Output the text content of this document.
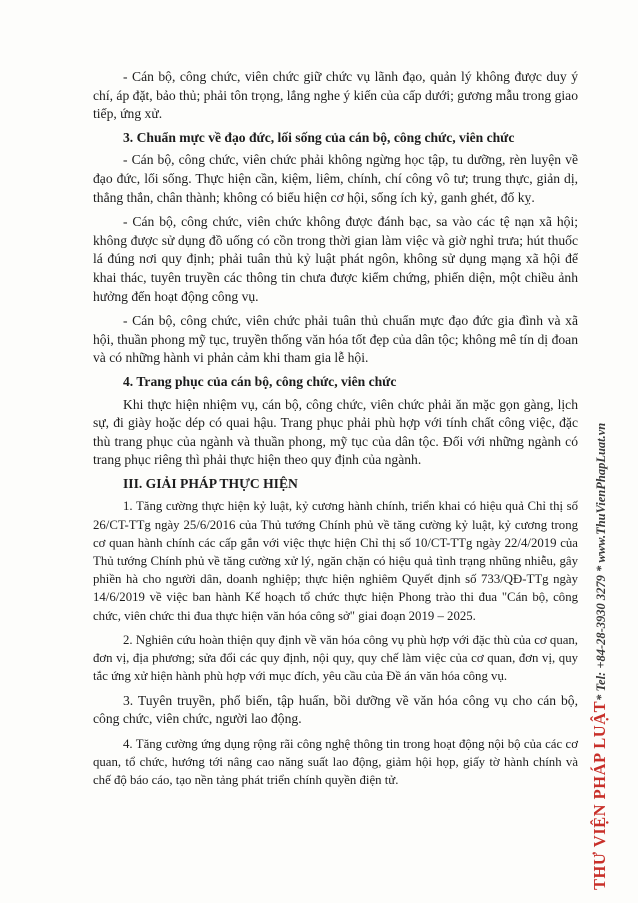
- Cán bộ, công chức, viên chức giữ chức vụ lãnh đạo, quản lý không được duy ý chí, áp đặt, bảo thủ; phải tôn trọng, lắng nghe ý kiến của cấp dưới; gương mẫu trong giao tiếp, ứng xử.

3. Chuẩn mực về đạo đức, lối sống của cán bộ, công chức, viên chức

- Cán bộ, công chức, viên chức phải không ngừng học tập, tu dưỡng, rèn luyện về đạo đức, lối sống. Thực hiện cần, kiệm, liêm, chính, chí công vô tư; trung thực, giản dị, thẳng thắn, chân thành; không có biểu hiện cơ hội, sống ích kỷ, ganh ghét, đố kỵ.

- Cán bộ, công chức, viên chức không được đánh bạc, sa vào các tệ nạn xã hội; không được sử dụng đồ uống có cồn trong thời gian làm việc và giờ nghỉ trưa; hút thuốc lá đúng nơi quy định; phải tuân thủ kỷ luật phát ngôn, không sử dụng mạng xã hội để khai thác, tuyên truyền các thông tin chưa được kiểm chứng, phiến diện, một chiều ảnh hưởng đến hoạt động công vụ.

- Cán bộ, công chức, viên chức phải tuân thủ chuẩn mực đạo đức gia đình và xã hội, thuần phong mỹ tục, truyền thống văn hóa tốt đẹp của dân tộc; không mê tín dị đoan và có những hành vi phản cảm khi tham gia lễ hội.

4. Trang phục của cán bộ, công chức, viên chức

Khi thực hiện nhiệm vụ, cán bộ, công chức, viên chức phải ăn mặc gọn gàng, lịch sự, đi giày hoặc dép có quai hậu. Trang phục phải phù hợp với tính chất công việc, đặc thù trang phục của ngành và thuần phong, mỹ tục của dân tộc. Đối với những ngành có trang phục riêng thì phải thực hiện theo quy định của ngành.

III. GIẢI PHÁP THỰC HIỆN

1. Tăng cường thực hiện kỷ luật, kỷ cương hành chính, triển khai có hiệu quả Chỉ thị số 26/CT-TTg ngày 25/6/2016 của Thủ tướng Chính phủ về tăng cường kỷ luật, kỷ cương trong cơ quan hành chính các cấp gắn với việc thực hiện Chỉ thị số 10/CT-TTg ngày 22/4/2019 của Thủ tướng Chính phủ về tăng cường xử lý, ngăn chặn có hiệu quả tình trạng nhũng nhiễu, gây phiền hà cho người dân, doanh nghiệp; thực hiện nghiêm Quyết định số 733/QĐ-TTg ngày 14/6/2019 về việc ban hành Kế hoạch tổ chức thực hiện Phong trào thi đua "Cán bộ, công chức, viên chức thi đua thực hiện văn hóa công sở" giai đoạn 2019 – 2025.

2. Nghiên cứu hoàn thiện quy định về văn hóa công vụ phù hợp với đặc thù của cơ quan, đơn vị, địa phương; sửa đổi các quy định, nội quy, quy chế làm việc của cơ quan, đơn vị, quy tắc ứng xử hiện hành phù hợp với mục đích, yêu cầu của Đề án văn hóa công vụ.

3. Tuyên truyền, phổ biến, tập huấn, bồi dưỡng về văn hóa công vụ cho cán bộ, công chức, viên chức, người lao động.

4. Tăng cường ứng dụng rộng rãi công nghệ thông tin trong hoạt động nội bộ của các cơ quan, tổ chức, hướng tới nâng cao năng suất lao động, giảm hội họp, giấy tờ hành chính và chế độ báo cáo, tạo nền tảng phát triển chính quyền điện tử.	THƯ VIỆN PHÁP LUẬT* Tel: +84-28-3930 3279 * www.ThuVienPhapLuat.vn
